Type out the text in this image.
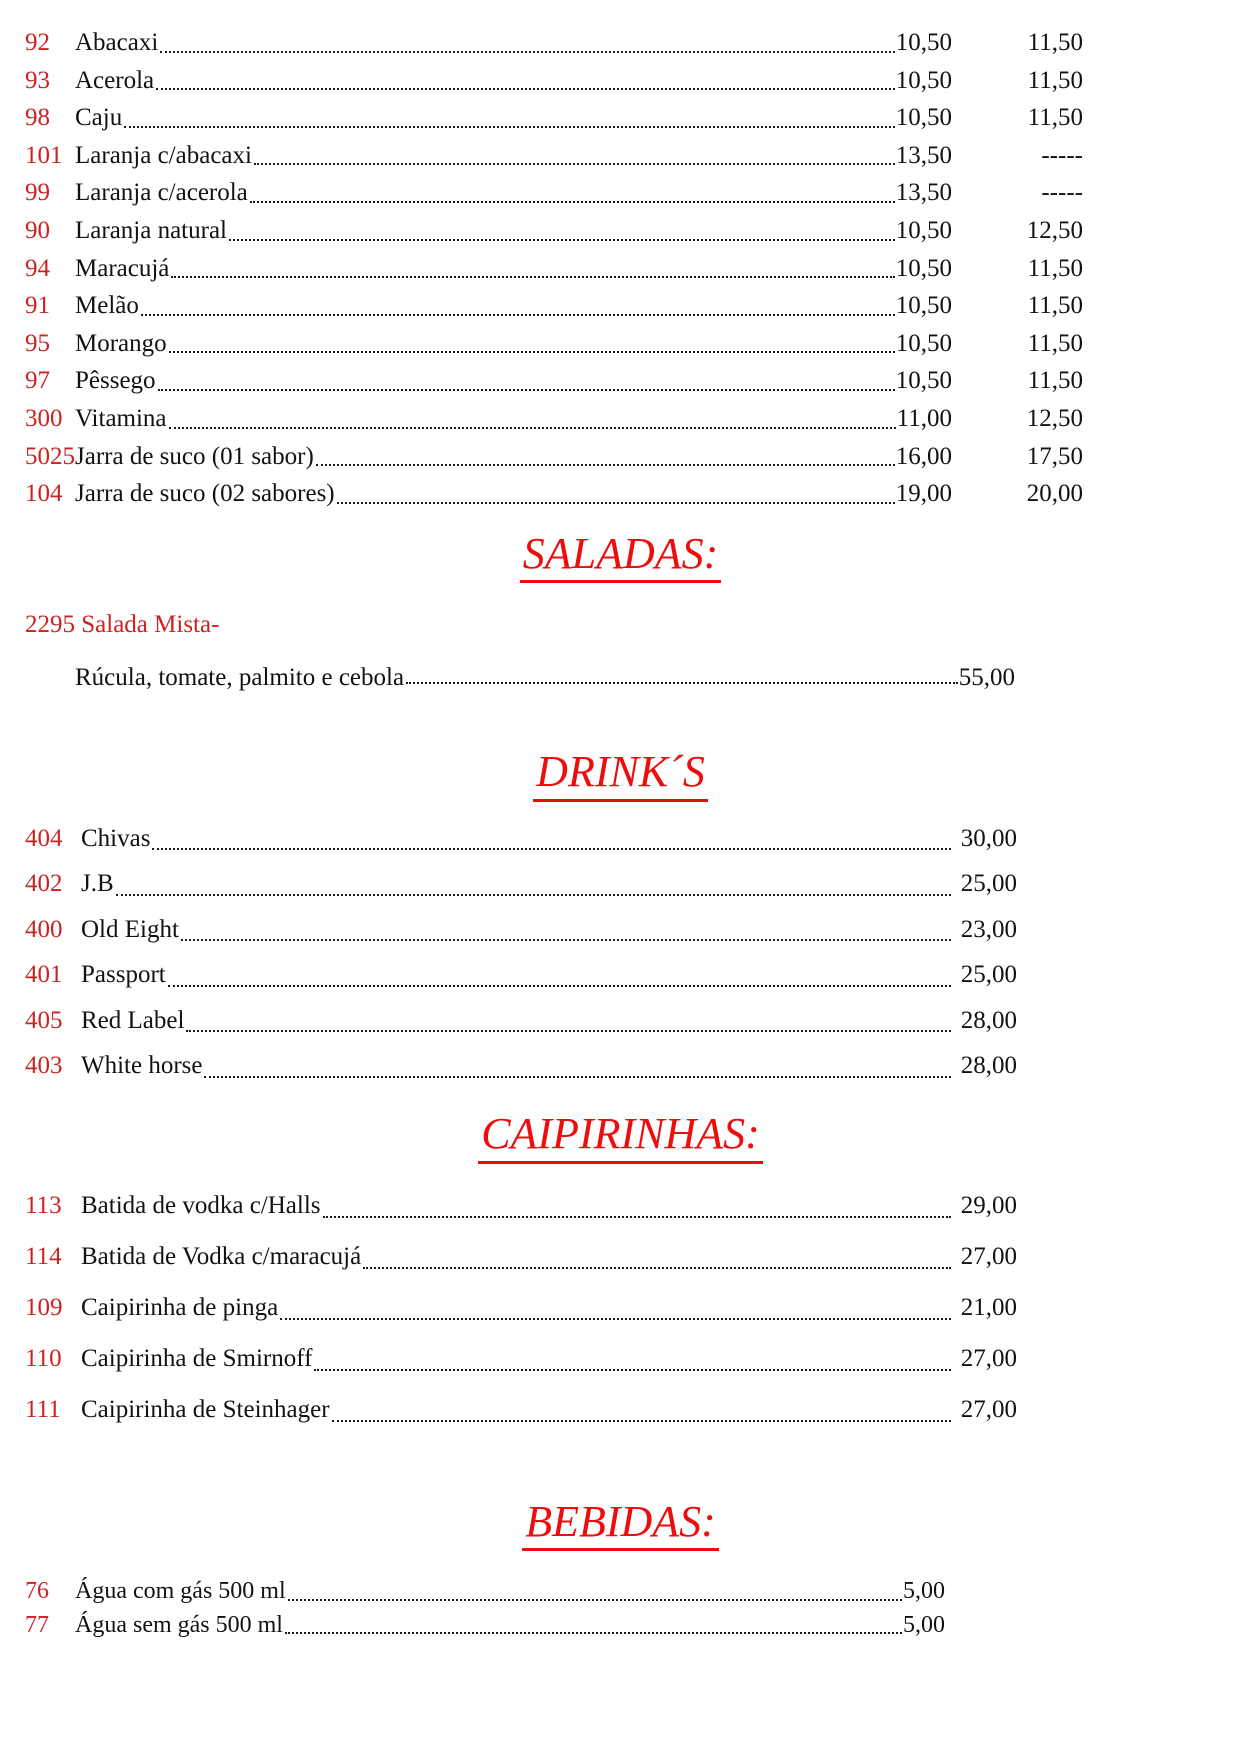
92	Abacaxi	10,50	11,50
93	Acerola	10,50	11,50
98	Caju	10,50	11,50
101 Laranja c/abacaxi	13,50	-----
99	Laranja c/acerola	13,50	-----
90	Laranja natural	10,50	12,50
94	Maracujá	10,50	11,50
91	Melão	10,50	11,50
95	Morango	10,50	11,50
97	Pêssego	10,50	11,50
300 Vitamina	11,00	12,50
5025 Jarra de suco (01 sabor)	16,00	17,50
104 Jarra de suco (02 sabores)	19,00	20,00
SALADAS:
2295 Salada Mista-
Rúcula, tomate, palmito e cebola	55,00
DRINK´S
404 Chivas	30,00
402 J.B	25,00
400 Old Eight	23,00
401 Passport	25,00
405 Red Label	28,00
403 White horse	28,00
CAIPIRINHAS:
113 Batida de vodka c/Halls	29,00
114 Batida de Vodka c/maracujá	27,00
109 Caipirinha de pinga	21,00
110 Caipirinha de Smirnoff	27,00
111 Caipirinha de Steinhager	27,00
BEBIDAS:
76	Água com gás 500 ml	5,00
77	Água sem gás 500 ml	5,00
